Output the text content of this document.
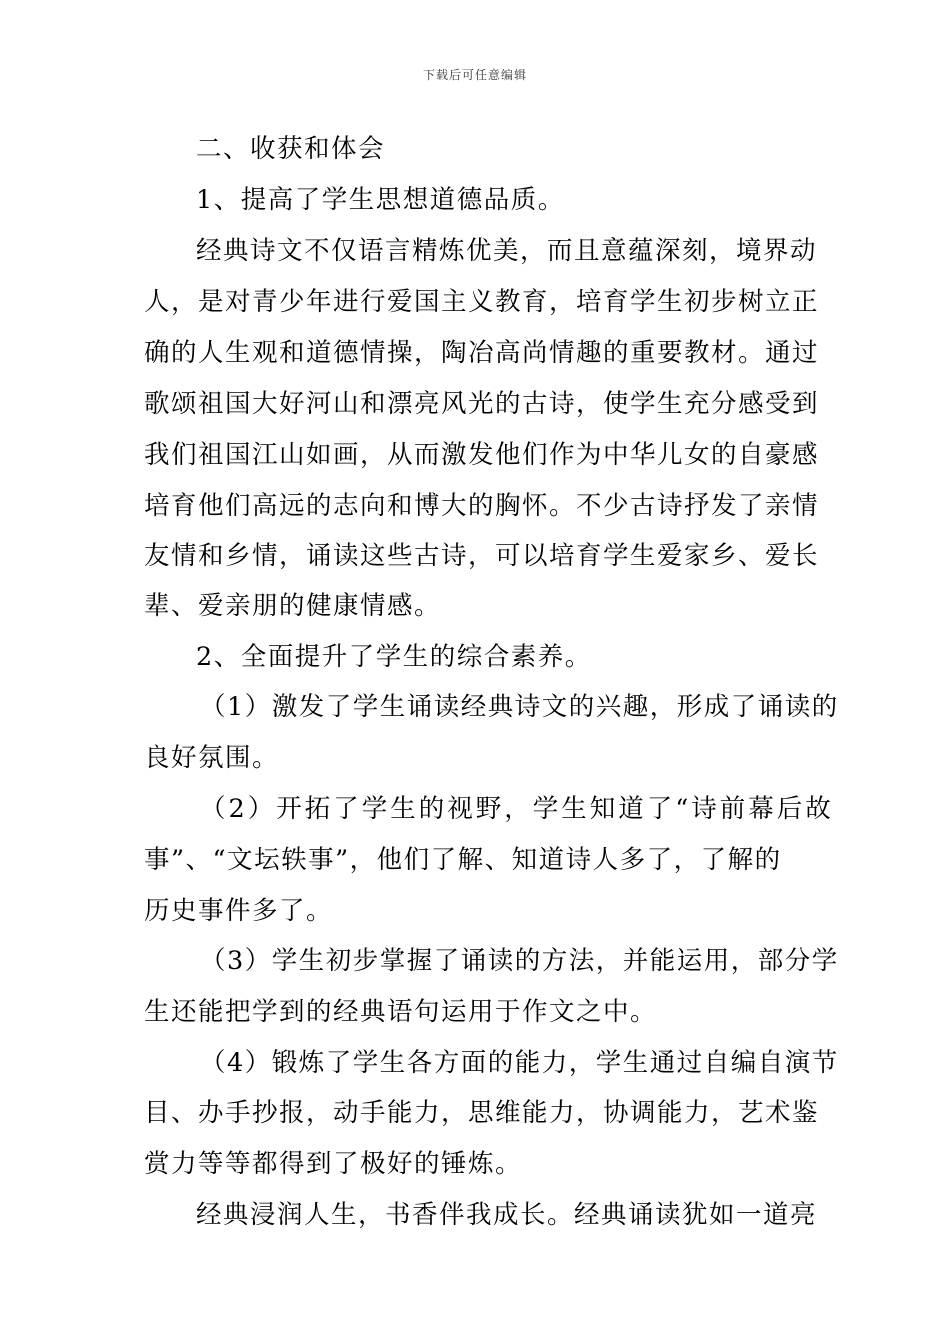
下载后可任意编辑
二、收获和体会
1、提高了学生思想道德品质。
经典诗文不仅语言精炼优美，而且意蕴深刻，境界动
人，是对青少年进行爱国主义教育，培育学生初步树立正
确的人生观和道德情操，陶冶高尚情趣的重要教材。通过
歌颂祖国大好河山和漂亮风光的古诗，使学生充分感受到
我们祖国江山如画，从而激发他们作为中华儿女的自豪感
培育他们高远的志向和博大的胸怀。不少古诗抒发了亲情
友情和乡情，诵读这些古诗，可以培育学生爱家乡、爱长
辈、爱亲朋的健康情感。
2、全面提升了学生的综合素养。
（1）激发了学生诵读经典诗文的兴趣，形成了诵读的
良好氛围。
（2）开拓了学生的视野，学生知道了“诗前幕后故
事”、“文坛轶事”，他们了解、知道诗人多了，了解的
历史事件多了。
（3）学生初步掌握了诵读的方法，并能运用，部分学
生还能把学到的经典语句运用于作文之中。
（4）锻炼了学生各方面的能力，学生通过自编自演节
目、办手抄报，动手能力，思维能力，协调能力，艺术鉴
赏力等等都得到了极好的锤炼。
经典浸润人生，书香伴我成长。经典诵读犹如一道亮
